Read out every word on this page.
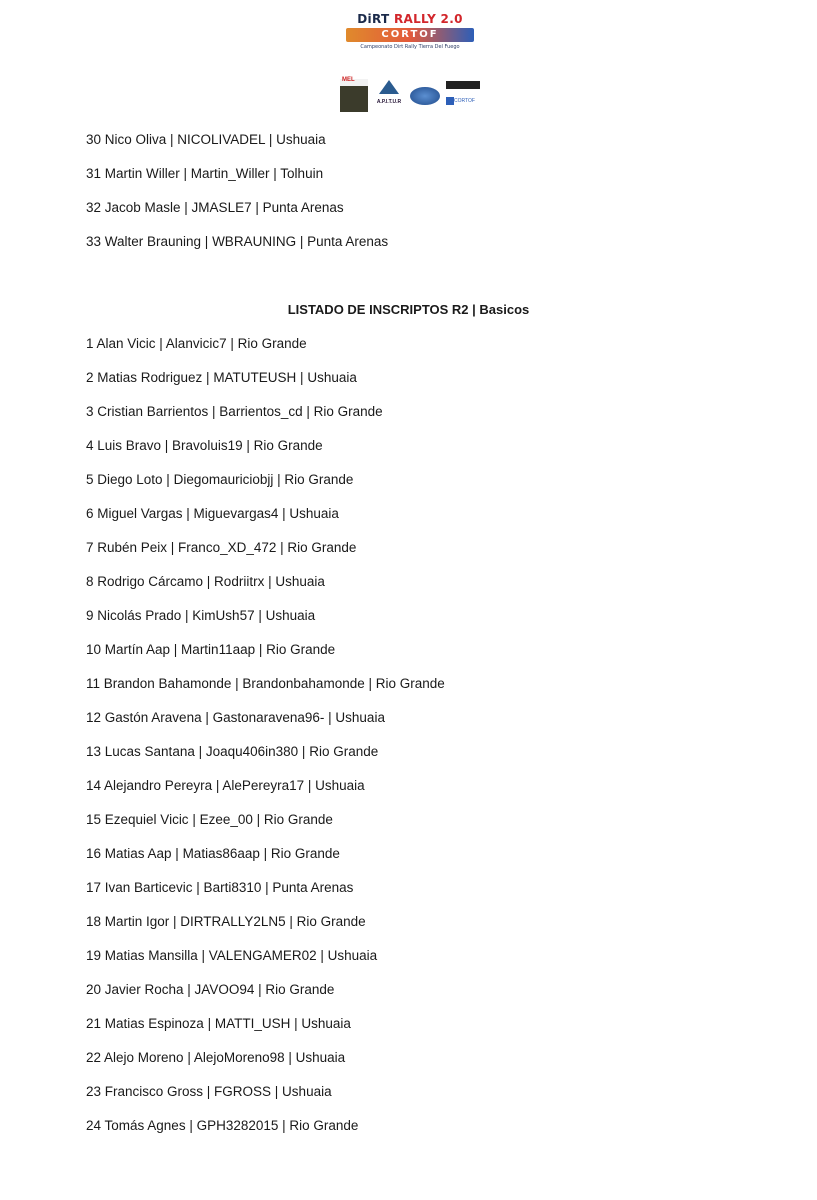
DiRT RALLY 2.0
CORTOF
Campeonato Dirt Rally Tierra Del Fuego
MEL
A.P.I.T.U.R	CORTOF
30 Nico Oliva | NICOLIVADEL | Ushuaia
31 Martin Willer | Martin_Willer | Tolhuin
32 Jacob Masle | JMASLE7 | Punta Arenas
33 Walter Brauning | WBRAUNING | Punta Arenas
LISTADO DE INSCRIPTOS R2 | Basicos
1 Alan Vicic | Alanvicic7 | Rio Grande
2 Matias Rodriguez | MATUTEUSH | Ushuaia
3 Cristian Barrientos | Barrientos_cd | Rio Grande
4 Luis Bravo | Bravoluis19 | Rio Grande
5 Diego Loto | Diegomauriciobjj | Rio Grande
6 Miguel Vargas | Miguevargas4 | Ushuaia
7 Rubén Peix | Franco_XD_472 | Rio Grande
8 Rodrigo Cárcamo | Rodriitrx | Ushuaia
9 Nicolás Prado | KimUsh57 | Ushuaia
10 Martín Aap | Martin11aap | Rio Grande
11 Brandon Bahamonde | Brandonbahamonde | Rio Grande
12 Gastón Aravena | Gastonaravena96- | Ushuaia
13 Lucas Santana | Joaqu406in380 | Rio Grande
14 Alejandro Pereyra | AlePereyra17 | Ushuaia
15 Ezequiel Vicic | Ezee_00 | Rio Grande
16 Matias Aap | Matias86aap | Rio Grande
17 Ivan Barticevic | Barti8310 | Punta Arenas
18 Martin Igor | DIRTRALLY2LN5 | Rio Grande
19 Matias Mansilla | VALENGAMER02 | Ushuaia
20 Javier Rocha | JAVOO94 | Rio Grande
21 Matias Espinoza | MATTI_USH | Ushuaia
22 Alejo Moreno | AlejoMoreno98 | Ushuaia
23 Francisco Gross | FGROSS | Ushuaia
24 Tomás Agnes | GPH3282015 | Rio Grande
